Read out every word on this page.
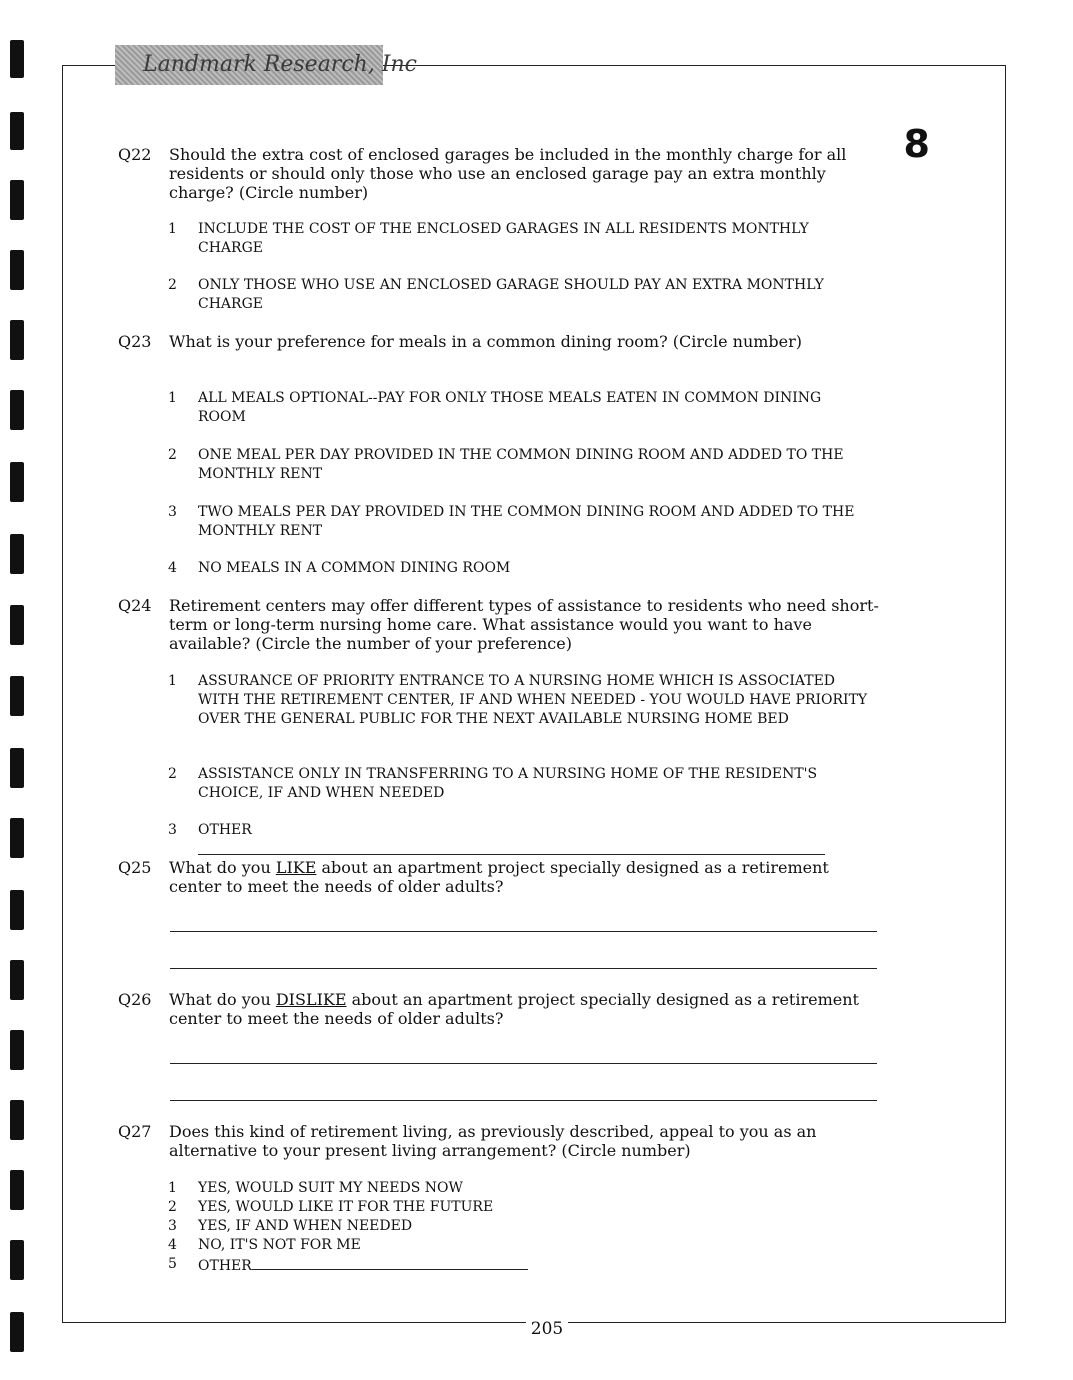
Landmark Research, Inc
8
Q22	Should the extra cost of enclosed garages be included in the monthly charge for all residents or should only those who use an enclosed garage pay an extra monthly charge? (Circle number)
1 INCLUDE THE COST OF THE ENCLOSED GARAGES IN ALL RESIDENTS MONTHLY CHARGE
2 ONLY THOSE WHO USE AN ENCLOSED GARAGE SHOULD PAY AN EXTRA MONTHLY CHARGE
Q23	What is your preference for meals in a common dining room? (Circle number)
1 ALL MEALS OPTIONAL--PAY FOR ONLY THOSE MEALS EATEN IN COMMON DINING ROOM
2 ONE MEAL PER DAY PROVIDED IN THE COMMON DINING ROOM AND ADDED TO THE MONTHLY RENT
3 TWO MEALS PER DAY PROVIDED IN THE COMMON DINING ROOM AND ADDED TO THE MONTHLY RENT
4 NO MEALS IN A COMMON DINING ROOM
Q24	Retirement centers may offer different types of assistance to residents who need short-term or long-term nursing home care. What assistance would you want to have available? (Circle the number of your preference)
1 ASSURANCE OF PRIORITY ENTRANCE TO A NURSING HOME WHICH IS ASSOCIATED WITH THE RETIREMENT CENTER, IF AND WHEN NEEDED - YOU WOULD HAVE PRIORITY OVER THE GENERAL PUBLIC FOR THE NEXT AVAILABLE NURSING HOME BED
2 ASSISTANCE ONLY IN TRANSFERRING TO A NURSING HOME OF THE RESIDENT'S CHOICE, IF AND WHEN NEEDED
3 OTHER
Q25	What do you LIKE about an apartment project specially designed as a retirement center to meet the needs of older adults?
Q26	What do you DISLIKE about an apartment project specially designed as a retirement center to meet the needs of older adults?
Q27	Does this kind of retirement living, as previously described, appeal to you as an alternative to your present living arrangement? (Circle number)
1 YES, WOULD SUIT MY NEEDS NOW
2 YES, WOULD LIKE IT FOR THE FUTURE
3 YES, IF AND WHEN NEEDED
4 NO, IT'S NOT FOR ME
5 OTHER
205
